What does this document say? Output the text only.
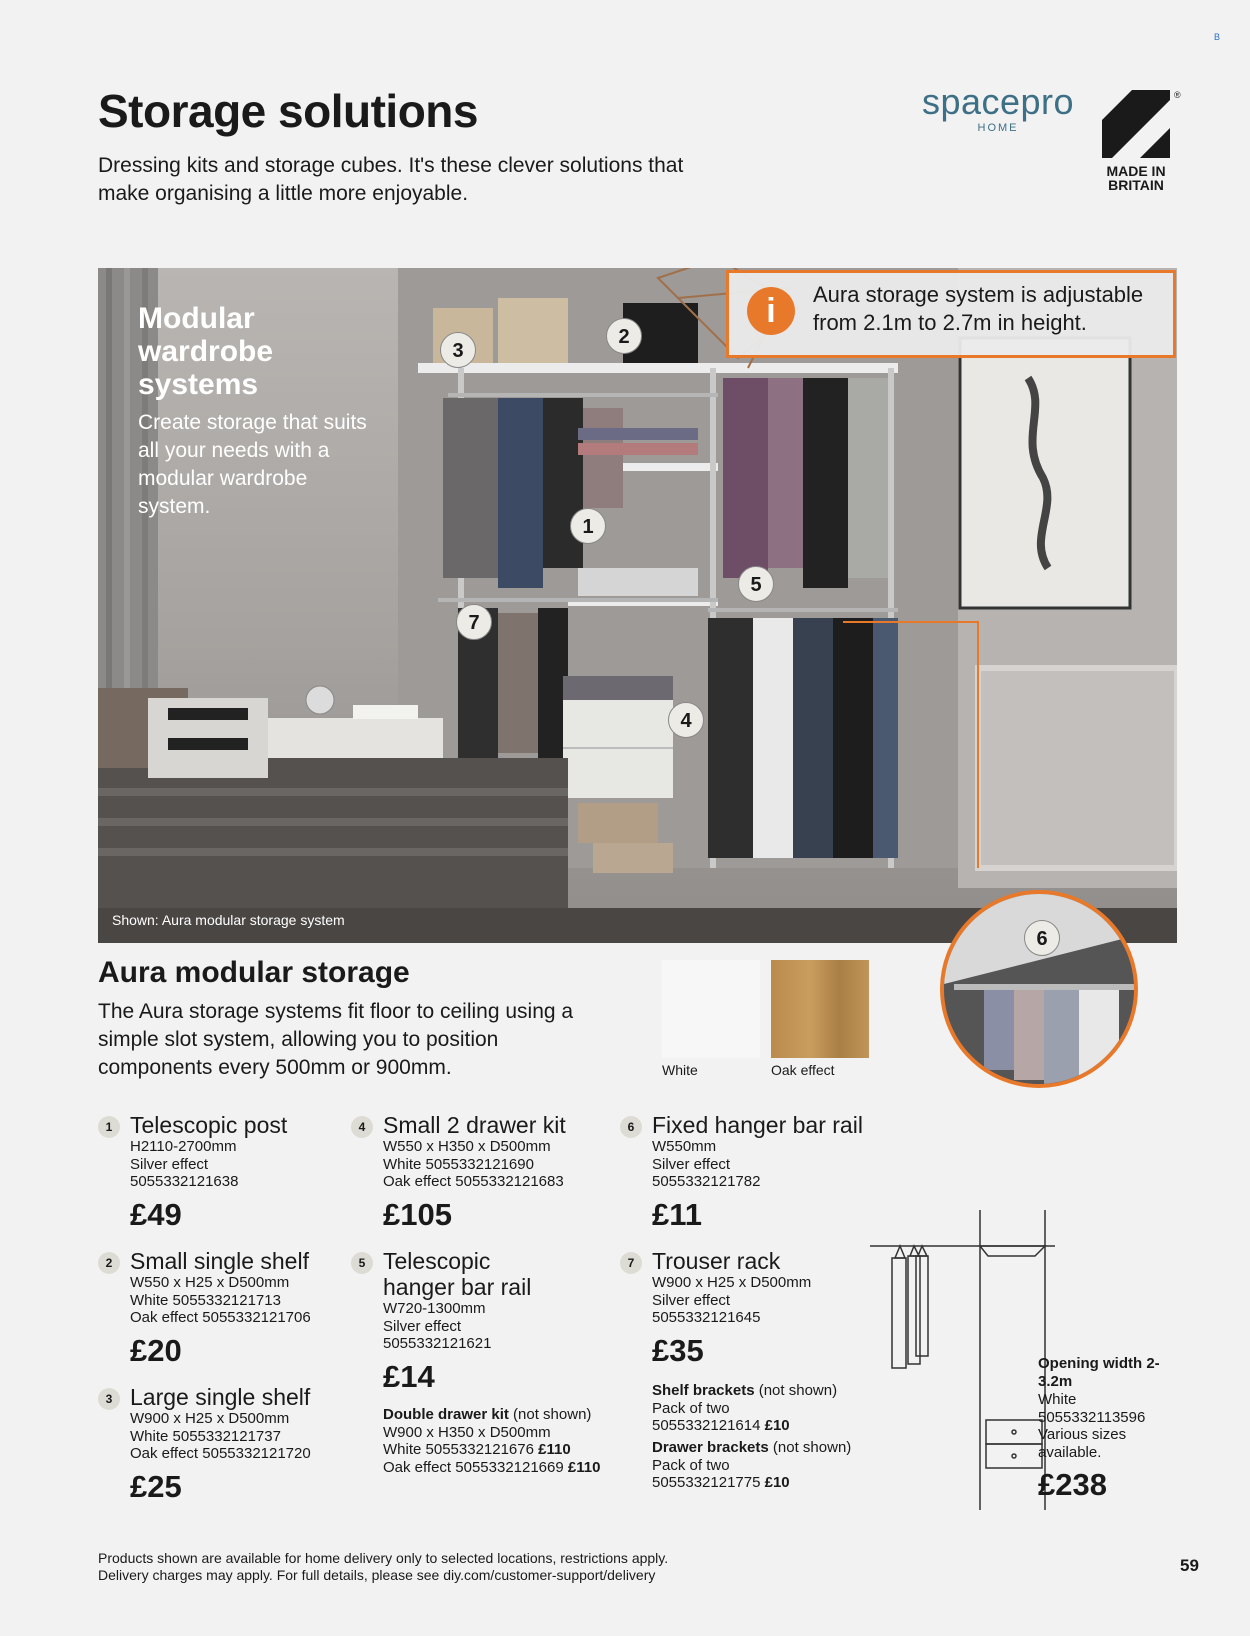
B
Storage solutions

Dressing kits and storage cubes. It's these clever solutions that make organising a little more enjoyable.

spacepro
HOME
MADE IN BRITAIN
®
Modular wardrobe systems
Create storage that suits all your needs with a modular wardrobe system.
i	Aura storage system is adjustable from 2.1m to 2.7m in height.
3
2
1
5
7
4
Shown: Aura modular storage system
6
Aura modular storage

The Aura storage systems fit floor to ceiling using a simple slot system, allowing you to position components every 500mm or 900mm.	White	Oak effect
1 Telescopic post
H2110-2700mm
Silver effect
5055332121638
£49
2 Small single shelf
W550 x H25 x D500mm
White 5055332121713
Oak effect 5055332121706
£20
3 Large single shelf
W900 x H25 x D500mm
White 5055332121737
Oak effect 5055332121720
£25
4 Small 2 drawer kit
W550 x H350 x D500mm
White 5055332121690
Oak effect 5055332121683
£105
5 Telescopic
hanger bar rail
W720-1300mm
Silver effect
5055332121621
£14
Double drawer kit (not shown)
W900 x H350 x D500mm
White 5055332121676 £110
Oak effect 5055332121669 £110
6 Fixed hanger bar rail
W550mm
Silver effect
5055332121782
£11
7 Trouser rack
W900 x H25 x D500mm
Silver effect
5055332121645
£35
Shelf brackets (not shown)
Pack of two
5055332121614 £10
Drawer brackets (not shown)
Pack of two
5055332121775 £10
Opening width 2-3.2m
White
5055332113596
Various sizes available.
£238
Products shown are available for home delivery only to selected locations, restrictions apply.
Delivery charges may apply. For full details, please see diy.com/customer-support/delivery	59
